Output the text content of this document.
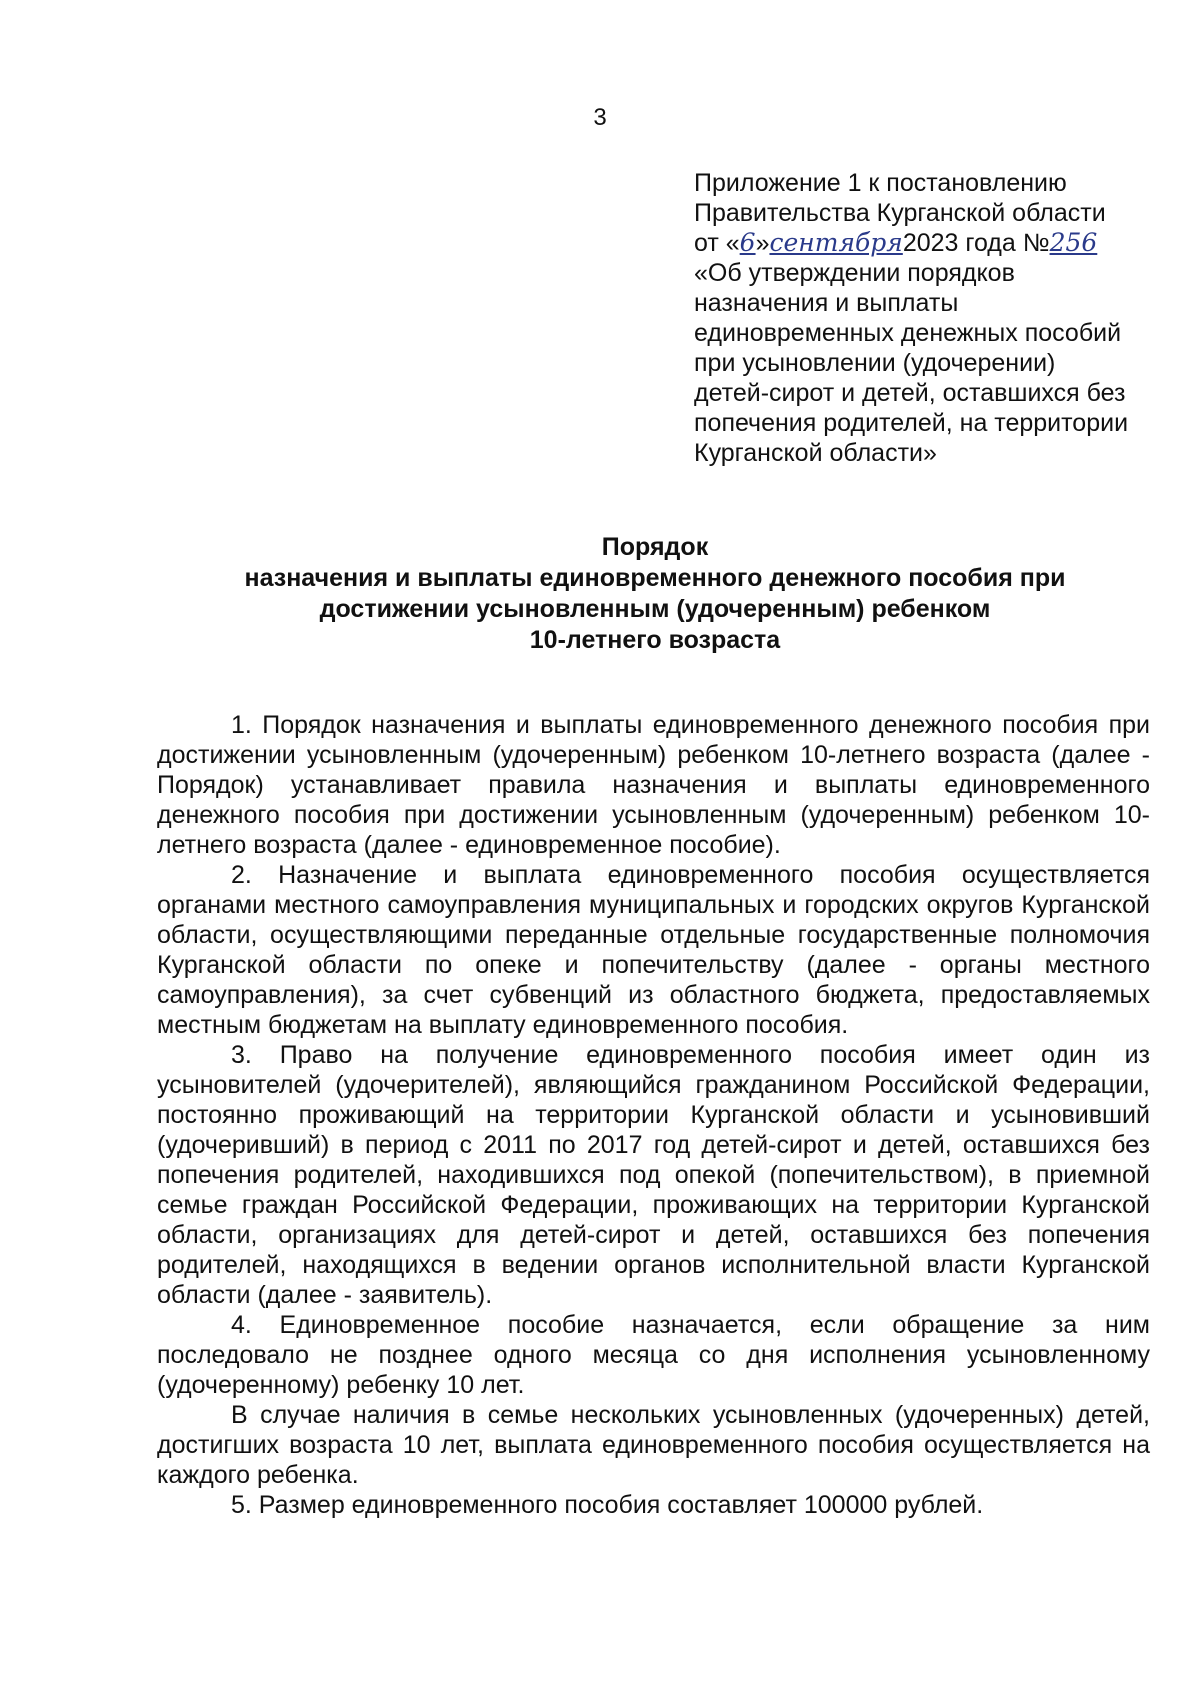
3
Приложение 1 к постановлению
Правительства Курганской области
от «6»сентября2023 года №256
«Об утверждении порядков
назначения и выплаты
единовременных денежных пособий
при усыновлении (удочерении)
детей-сирот и детей, оставшихся без
попечения родителей, на территории
Курганской области»
Порядок
назначения и выплаты единовременного денежного пособия при
достижении усыновленным (удочеренным) ребенком
10-летнего возраста

1. Порядок назначения и выплаты единовременного денежного пособия при достижении усыновленным (удочеренным) ребенком 10-летнего возраста (далее - Порядок) устанавливает правила назначения и выплаты единовременного денежного пособия при достижении усыновленным (удочеренным) ребенком 10-летнего возраста (далее - единовременное пособие).

2. Назначение и выплата единовременного пособия осуществляется органами местного самоуправления муниципальных и городских округов Курганской области, осуществляющими переданные отдельные государственные полномочия Курганской области по опеке и попечительству (далее - органы местного самоуправления), за счет субвенций из областного бюджета, предоставляемых местным бюджетам на выплату единовременного пособия.

3. Право на получение единовременного пособия имеет один из усыновителей (удочерителей), являющийся гражданином Российской Федерации, постоянно проживающий на территории Курганской области и усыновивший (удочеривший) в период с 2011 по 2017 год детей-сирот и детей, оставшихся без попечения родителей, находившихся под опекой (попечительством), в приемной семье граждан Российской Федерации, проживающих на территории Курганской области, организациях для детей-сирот и детей, оставшихся без попечения родителей, находящихся в ведении органов исполнительной власти Курганской области (далее - заявитель).

4. Единовременное пособие назначается, если обращение за ним последовало не позднее одного месяца со дня исполнения усыновленному (удочеренному) ребенку 10 лет.

В случае наличия в семье нескольких усыновленных (удочеренных) детей, достигших возраста 10 лет, выплата единовременного пособия осуществляется на каждого ребенка.

5. Размер единовременного пособия составляет 100000 рублей.
